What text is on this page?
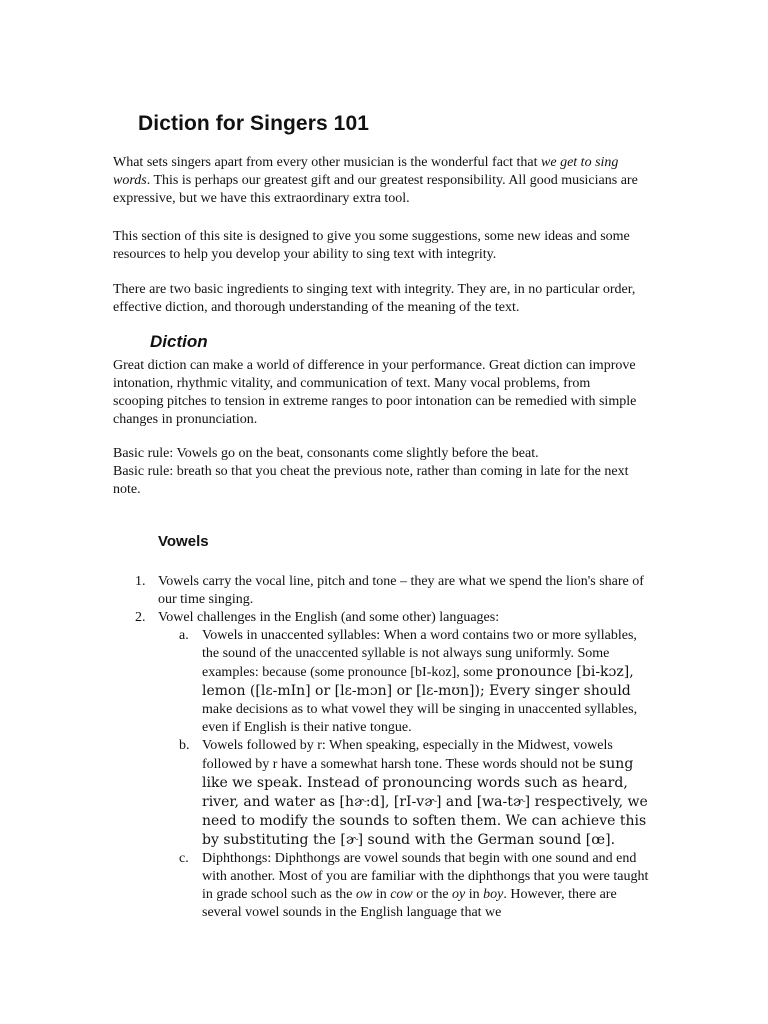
Diction for Singers 101

What sets singers apart from every other musician is the wonderful fact that we get to sing words. This is perhaps our greatest gift and our greatest responsibility. All good musicians are expressive, but we have this extraordinary extra tool.

This section of this site is designed to give you some suggestions, some new ideas and some resources to help you develop your ability to sing text with integrity.

There are two basic ingredients to singing text with integrity. They are, in no particular order, effective diction, and thorough understanding of the meaning of the text.

Diction

Great diction can make a world of difference in your performance. Great diction can improve intonation, rhythmic vitality, and communication of text. Many vocal problems, from scooping pitches to tension in extreme ranges to poor intonation can be remedied with simple changes in pronunciation.

Basic rule: Vowels go on the beat, consonants come slightly before the beat.
Basic rule: breath so that you cheat the previous note, rather than coming in late for the next note.

Vowels
1. Vowels carry the vocal line, pitch and tone – they are what we spend the lion's share of our time singing.
2. Vowel challenges in the English (and some other) languages:
a. Vowels in unaccented syllables: When a word contains two or more syllables, the sound of the unaccented syllable is not always sung uniformly. Some examples: because (some pronounce [bI-koz], some pronounce [bi-kɔz], lemon ([lɛ-mIn] or [lɛ-mɔn] or [lɛ-mʊn]); Every singer should make decisions as to what vowel they will be singing in unaccented syllables, even if English is their native tongue.
b. Vowels followed by r: When speaking, especially in the Midwest, vowels followed by r have a somewhat harsh tone. These words should not be sung like we speak. Instead of pronouncing words such as heard, river, and water as [hɚ:d], [rI-vɚ] and [wa-tɚ] respectively, we need to modify the sounds to soften them. We can achieve this by substituting the [ɚ] sound with the German sound [œ].
c. Diphthongs: Diphthongs are vowel sounds that begin with one sound and end with another. Most of you are familiar with the diphthongs that you were taught in grade school such as the ow in cow or the oy in boy. However, there are several vowel sounds in the English language that we
